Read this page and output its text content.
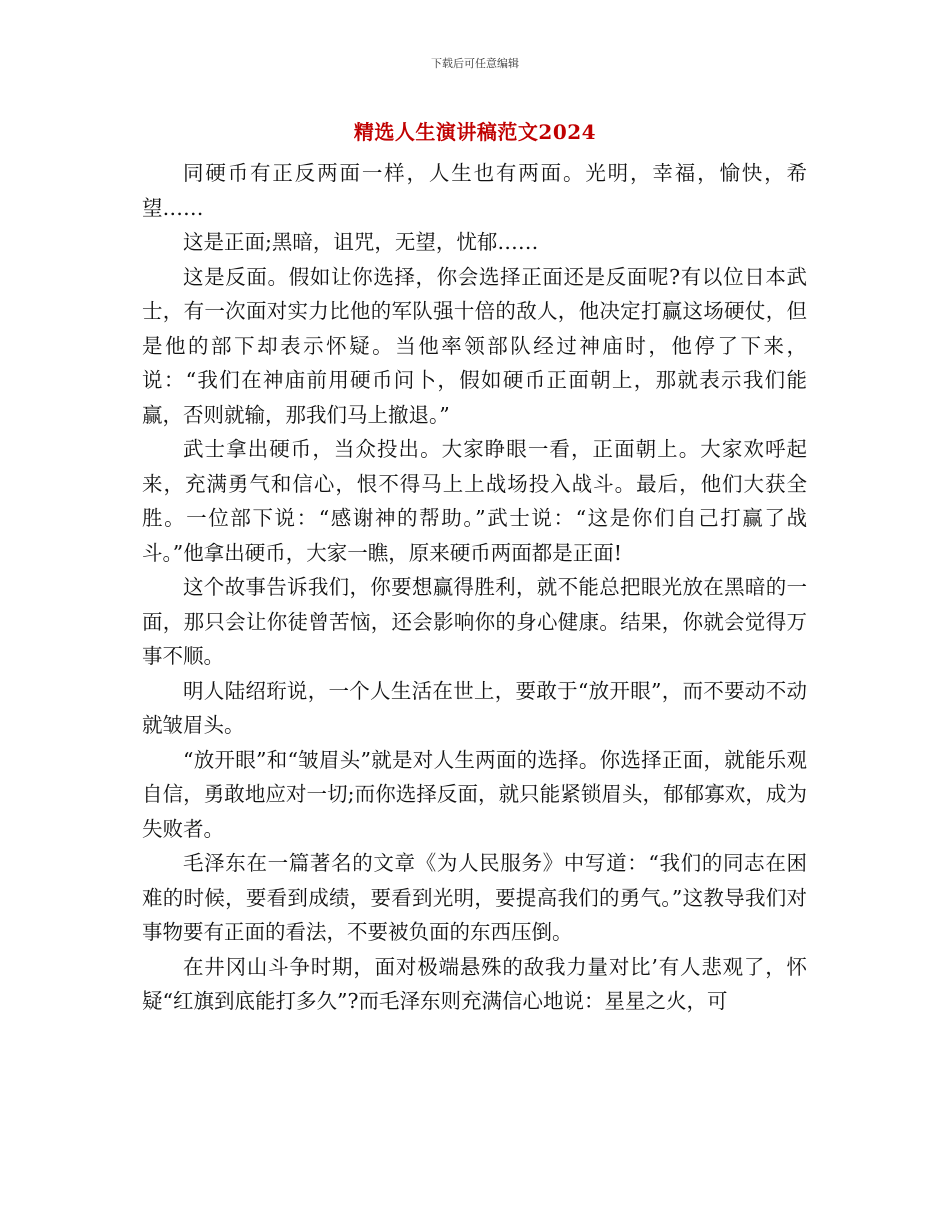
下载后可任意编辑
精选人生演讲稿范文2024

同硬币有正反两面一样，人生也有两面。光明，幸福，愉快，希望……

这是正面;黑暗，诅咒，无望，忧郁……

这是反面。假如让你选择，你会选择正面还是反面呢?有以位日本武士，有一次面对实力比他的军队强十倍的敌人，他决定打赢这场硬仗，但是他的部下却表示怀疑。当他率领部队经过神庙时，他停了下来，说：“我们在神庙前用硬币问卜，假如硬币正面朝上，那就表示我们能赢，否则就输，那我们马上撤退。”

武士拿出硬币，当众投出。大家睁眼一看，正面朝上。大家欢呼起来，充满勇气和信心，恨不得马上上战场投入战斗。最后，他们大获全胜。一位部下说：“感谢神的帮助。”武士说：“这是你们自己打赢了战斗。”他拿出硬币，大家一瞧，原来硬币两面都是正面!

这个故事告诉我们，你要想赢得胜利，就不能总把眼光放在黑暗的一面，那只会让你徒曾苦恼，还会影响你的身心健康。结果，你就会觉得万事不顺。

明人陆绍珩说，一个人生活在世上，要敢于“放开眼”，而不要动不动就皱眉头。

“放开眼”和“皱眉头”就是对人生两面的选择。你选择正面，就能乐观自信，勇敢地应对一切;而你选择反面，就只能紧锁眉头，郁郁寡欢，成为失败者。

毛泽东在一篇著名的文章《为人民服务》中写道：“我们的同志在困难的时候，要看到成绩，要看到光明，要提高我们的勇气。”这教导我们对事物要有正面的看法，不要被负面的东西压倒。

在井冈山斗争时期，面对极端悬殊的敌我力量对比’有人悲观了，怀疑“红旗到底能打多久”?而毛泽东则充满信心地说：星星之火，可
